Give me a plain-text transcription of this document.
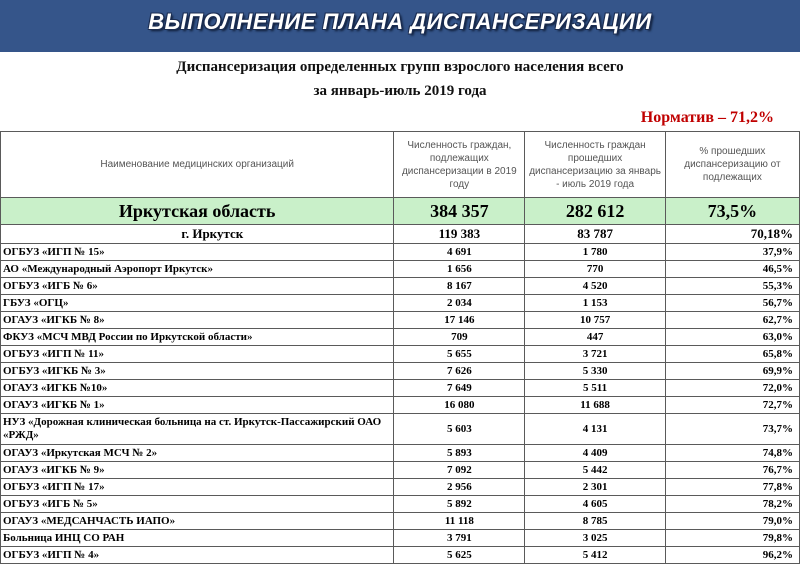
ВЫПОЛНЕНИЕ ПЛАНА ДИСПАНСЕРИЗАЦИИ
Диспансеризация определенных групп взрослого населения всего
за январь-июль 2019 года
Норматив – 71,2%
Наименование медицинских организаций	Численность граждан, подлежащих диспансеризации в 2019 году	Численность граждан прошедших диспансеризацию за январь - июль 2019 года	% прошедших диспансеризацию от подлежащих
Иркутская область	384 357	282 612	73,5%
г. Иркутск	119 383	83 787	70,18%
ОГБУЗ «ИГП № 15»	4 691	1 780	37,9%
АО «Международный Аэропорт Иркутск»	1 656	770	46,5%
ОГБУЗ «ИГБ № 6»	8 167	4 520	55,3%
ГБУЗ «ОГЦ»	2 034	1 153	56,7%
ОГАУЗ «ИГКБ № 8»	17 146	10 757	62,7%
ФКУЗ «МСЧ МВД России по Иркутской области»	709	447	63,0%
ОГБУЗ «ИГП № 11»	5 655	3 721	65,8%
ОГБУЗ «ИГКБ № 3»	7 626	5 330	69,9%
ОГАУЗ «ИГКБ №10»	7 649	5 511	72,0%
ОГАУЗ «ИГКБ № 1»	16 080	11 688	72,7%
НУЗ «Дорожная клиническая больница на ст. Иркутск-Пассажирский ОАО «РЖД»	5 603	4 131	73,7%
ОГАУЗ «Иркутская МСЧ № 2»	5 893	4 409	74,8%
ОГАУЗ «ИГКБ № 9»	7 092	5 442	76,7%
ОГБУЗ «ИГП № 17»	2 956	2 301	77,8%
ОГБУЗ «ИГБ № 5»	5 892	4 605	78,2%
ОГАУЗ «МЕДСАНЧАСТЬ ИАПО»	11 118	8 785	79,0%
Больница ИНЦ СО РАН	3 791	3 025	79,8%
ОГБУЗ «ИГП № 4»	5 625	5 412	96,2%
